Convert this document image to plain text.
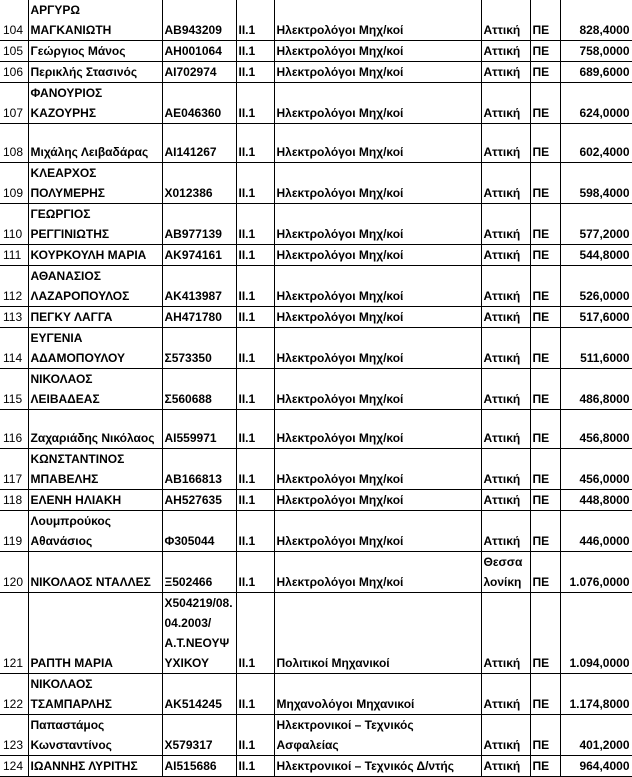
104	ΑΡΓΥΡΩ ΜΑΓΚΑΝΙΩΤΗ	ΑΒ943209	ΙΙ.1	Ηλεκτρολόγοι Μηχ/κοί	Αττική	ΠΕ	828,4000
105	Γεώργιος Μάνος	ΑΗ001064	ΙΙ.1	Ηλεκτρολόγοι Μηχ/κοί	Αττική	ΠΕ	758,0000
106	Περικλής Στασινός	ΑΙ702974	ΙΙ.1	Ηλεκτρολόγοι Μηχ/κοί	Αττική	ΠΕ	689,6000
107	ΦΑΝΟΥΡΙΟΣ ΚΑΖΟΥΡΗΣ	ΑΕ046360	ΙΙ.1	Ηλεκτρολόγοι Μηχ/κοί	Αττική	ΠΕ	624,0000
108	Μιχάλης Λειβαδάρας	ΑΙ141267	ΙΙ.1	Ηλεκτρολόγοι Μηχ/κοί	Αττική	ΠΕ	602,4000
109	ΚΛΕΑΡΧΟΣ ΠΟΛΥΜΕΡΗΣ	Χ012386	ΙΙ.1	Ηλεκτρολόγοι Μηχ/κοί	Αττική	ΠΕ	598,4000
110	ΓΕΩΡΓΙΟΣ ΡΕΓΓΙΝΙΩΤΗΣ	ΑΒ977139	ΙΙ.1	Ηλεκτρολόγοι Μηχ/κοί	Αττική	ΠΕ	577,2000
111	ΚΟΥΡΚΟΥΛΗ ΜΑΡΙΑ	ΑΚ974161	ΙΙ.1	Ηλεκτρολόγοι Μηχ/κοί	Αττική	ΠΕ	544,8000
112	ΑΘΑΝΑΣΙΟΣ ΛΑΖΑΡΟΠΟΥΛΟΣ	ΑΚ413987	ΙΙ.1	Ηλεκτρολόγοι Μηχ/κοί	Αττική	ΠΕ	526,0000
113	ΠΕΓΚΥ ΛΑΓΓΑ	ΑΗ471780	ΙΙ.1	Ηλεκτρολόγοι Μηχ/κοί	Αττική	ΠΕ	517,6000
114	ΕΥΓΕΝΙΑ ΑΔΑΜΟΠΟΥΛΟΥ	Σ573350	ΙΙ.1	Ηλεκτρολόγοι Μηχ/κοί	Αττική	ΠΕ	511,6000
115	ΝΙΚΟΛΑΟΣ ΛΕΙΒΑΔΕΑΣ	Σ560688	ΙΙ.1	Ηλεκτρολόγοι Μηχ/κοί	Αττική	ΠΕ	486,8000
116	Ζαχαριάδης Νικόλαος	ΑΙ559971	ΙΙ.1	Ηλεκτρολόγοι Μηχ/κοί	Αττική	ΠΕ	456,8000
117	ΚΩΝΣΤΑΝΤΙΝΟΣ ΜΠΑΒΕΛΗΣ	ΑΒ166813	ΙΙ.1	Ηλεκτρολόγοι Μηχ/κοί	Αττική	ΠΕ	456,0000
118	ΕΛΕΝΗ ΗΛΙΑΚΗ	ΑΗ527635	ΙΙ.1	Ηλεκτρολόγοι Μηχ/κοί	Αττική	ΠΕ	448,8000
119	Λουμπρούκος Αθανάσιος	Φ305044	ΙΙ.1	Ηλεκτρολόγοι Μηχ/κοί	Αττική	ΠΕ	446,0000
120	ΝΙΚΟΛΑΟΣ ΝΤΑΛΛΕΣ	Ξ502466	ΙΙ.1	Ηλεκτρολόγοι Μηχ/κοί	Θεσσαλονίκη	ΠΕ	1.076,0000
121	ΡΑΠΤΗ ΜΑΡΙΑ	Χ504219/08.04.2003/Α.Τ.ΝΕΟΥΨΥΧΙΚΟΥ	ΙΙ.1	Πολιτικοί Μηχανικοί	Αττική	ΠΕ	1.094,0000
122	ΝΙΚΟΛΑΟΣ ΤΣΑΜΠΑΡΛΗΣ	ΑΚ514245	ΙΙ.1	Μηχανολόγοι Μηχανικοί	Αττική	ΠΕ	1.174,8000
123	Παπαστάμος Κωνσταντίνος	Χ579317	ΙΙ.1	Ηλεκτρονικοί – Τεχνικός Ασφαλείας	Αττική	ΠΕ	401,2000
124	ΙΩΑΝΝΗΣ ΛΥΡΙΤΗΣ	ΑΙ515686	ΙΙ.1	Ηλεκτρονικοί – Τεχνικός Δ/ντής	Αττική	ΠΕ	964,4000
